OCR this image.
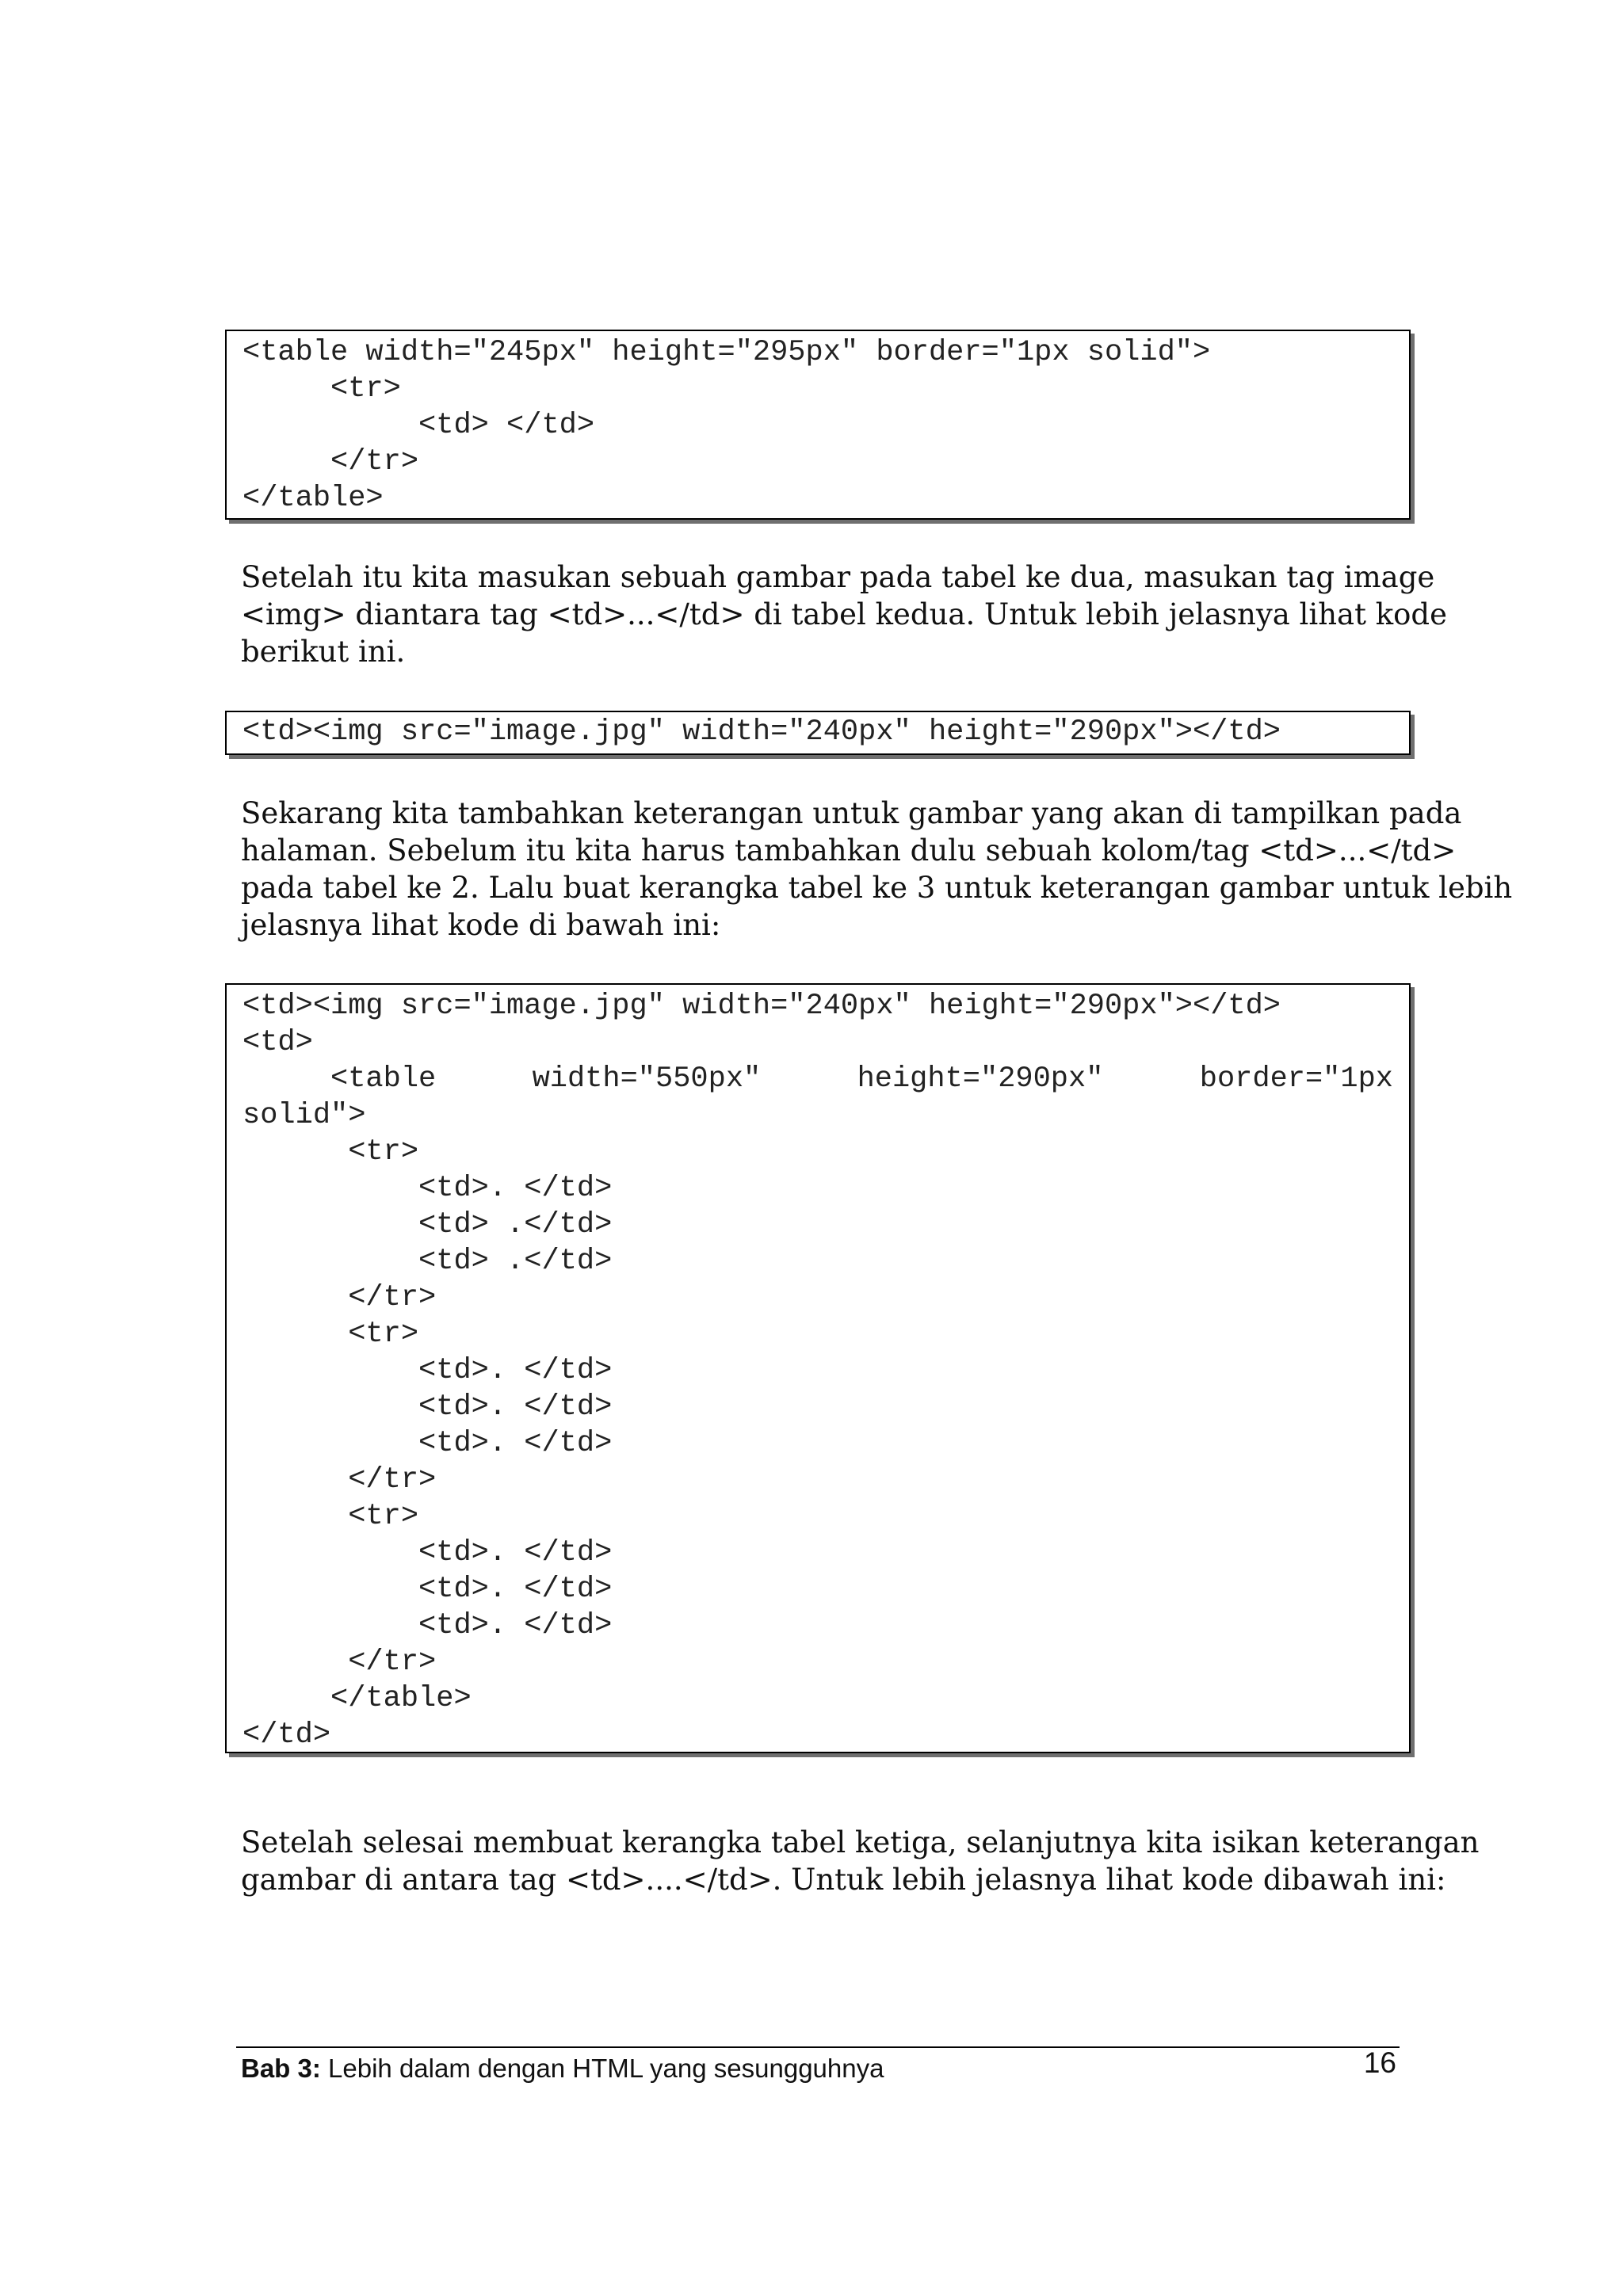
<table width="245px" height="295px" border="1px solid">
<tr>
<td> </td>
</tr>
</table>
Setelah itu kita masukan sebuah gambar pada tabel ke dua, masukan tag image
<img> diantara tag <td>...</td> di tabel kedua. Untuk lebih jelasnya lihat kode
berikut ini.
<td><img src="image.jpg" width="240px" height="290px"></td>
Sekarang kita tambahkan keterangan untuk gambar yang akan di tampilkan pada
halaman. Sebelum itu kita harus tambahkan dulu sebuah kolom/tag <td>...</td>
pada tabel ke 2. Lalu buat kerangka tabel ke 3 untuk keterangan gambar untuk lebih
jelasnya lihat kode di bawah ini:
<td><img src="image.jpg" width="240px" height="290px"></td>
<td>
<table	width="550px"	height="290px"	border="1px
solid">
<tr>
<td>. </td>
<td> .</td>
<td> .</td>
</tr>
<tr>
<td>. </td>
<td>. </td>
<td>. </td>
</tr>
<tr>
<td>. </td>
<td>. </td>
<td>. </td>
</tr>
</table>
</td>
Setelah selesai membuat kerangka tabel ketiga, selanjutnya kita isikan keterangan
gambar di antara tag <td>....</td>. Untuk lebih jelasnya lihat kode dibawah ini:
Bab 3: Lebih dalam dengan HTML yang sesungguhnya	16
